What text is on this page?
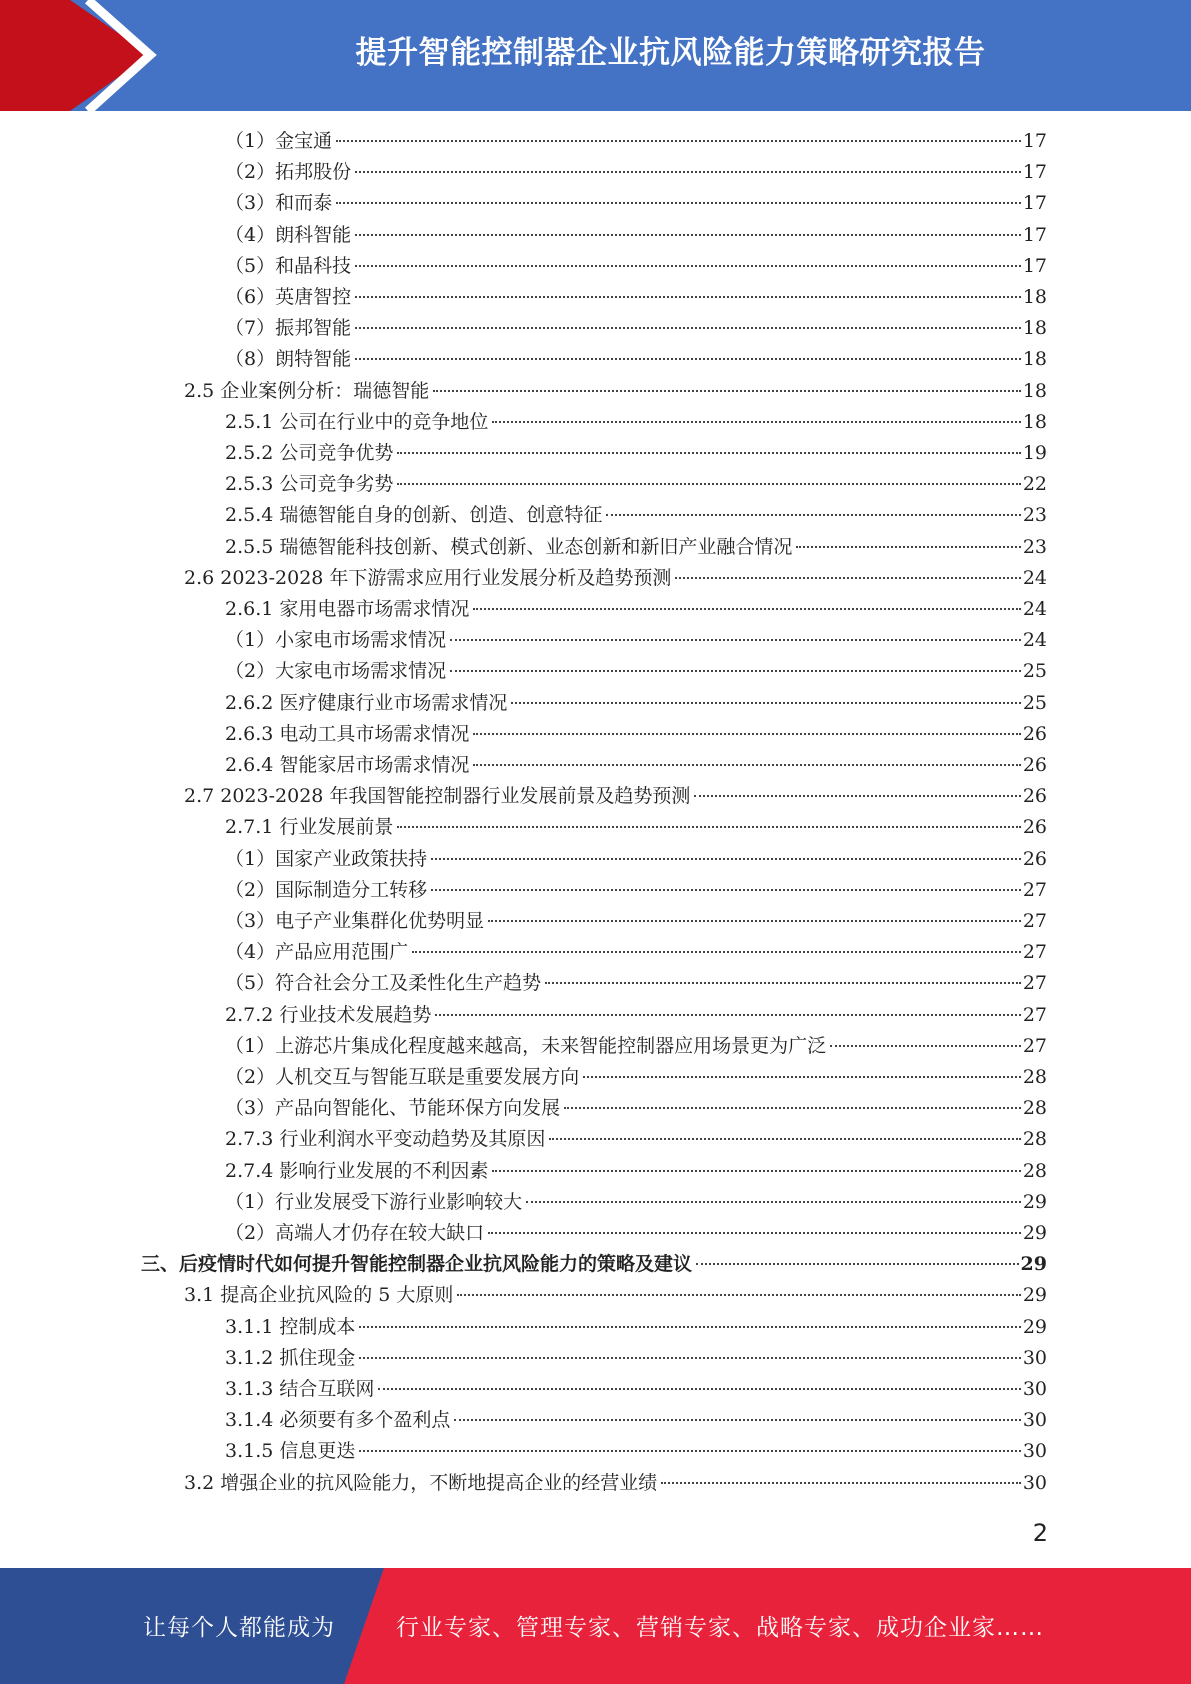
提升智能控制器企业抗风险能力策略研究报告
（1）金宝通	17
（2）拓邦股份	17
（3）和而泰	17
（4）朗科智能	17
（5）和晶科技	17
（6）英唐智控	18
（7）振邦智能	18
（8）朗特智能	18
2.5 企业案例分析：瑞德智能	18
2.5.1 公司在行业中的竞争地位	18
2.5.2 公司竞争优势	19
2.5.3 公司竞争劣势	22
2.5.4 瑞德智能自身的创新、创造、创意特征	23
2.5.5 瑞德智能科技创新、模式创新、业态创新和新旧产业融合情况	23
2.6 2023-2028 年下游需求应用行业发展分析及趋势预测	24
2.6.1 家用电器市场需求情况	24
（1）小家电市场需求情况	24
（2）大家电市场需求情况	25
2.6.2 医疗健康行业市场需求情况	25
2.6.3 电动工具市场需求情况	26
2.6.4 智能家居市场需求情况	26
2.7 2023-2028 年我国智能控制器行业发展前景及趋势预测	26
2.7.1 行业发展前景	26
（1）国家产业政策扶持	26
（2）国际制造分工转移	27
（3）电子产业集群化优势明显	27
（4）产品应用范围广	27
（5）符合社会分工及柔性化生产趋势	27
2.7.2 行业技术发展趋势	27
（1）上游芯片集成化程度越来越高，未来智能控制器应用场景更为广泛	27
（2）人机交互与智能互联是重要发展方向	28
（3）产品向智能化、节能环保方向发展	28
2.7.3 行业利润水平变动趋势及其原因	28
2.7.4 影响行业发展的不利因素	28
（1）行业发展受下游行业影响较大	29
（2）高端人才仍存在较大缺口	29
三、后疫情时代如何提升智能控制器企业抗风险能力的策略及建议	29
3.1 提高企业抗风险的 5 大原则	29
3.1.1 控制成本	29
3.1.2 抓住现金	30
3.1.3 结合互联网	30
3.1.4 必须要有多个盈利点	30
3.1.5 信息更迭	30
3.2 增强企业的抗风险能力，不断地提高企业的经营业绩	30
2
让每个人都能成为	行业专家、管理专家、营销专家、战略专家、成功企业家……
